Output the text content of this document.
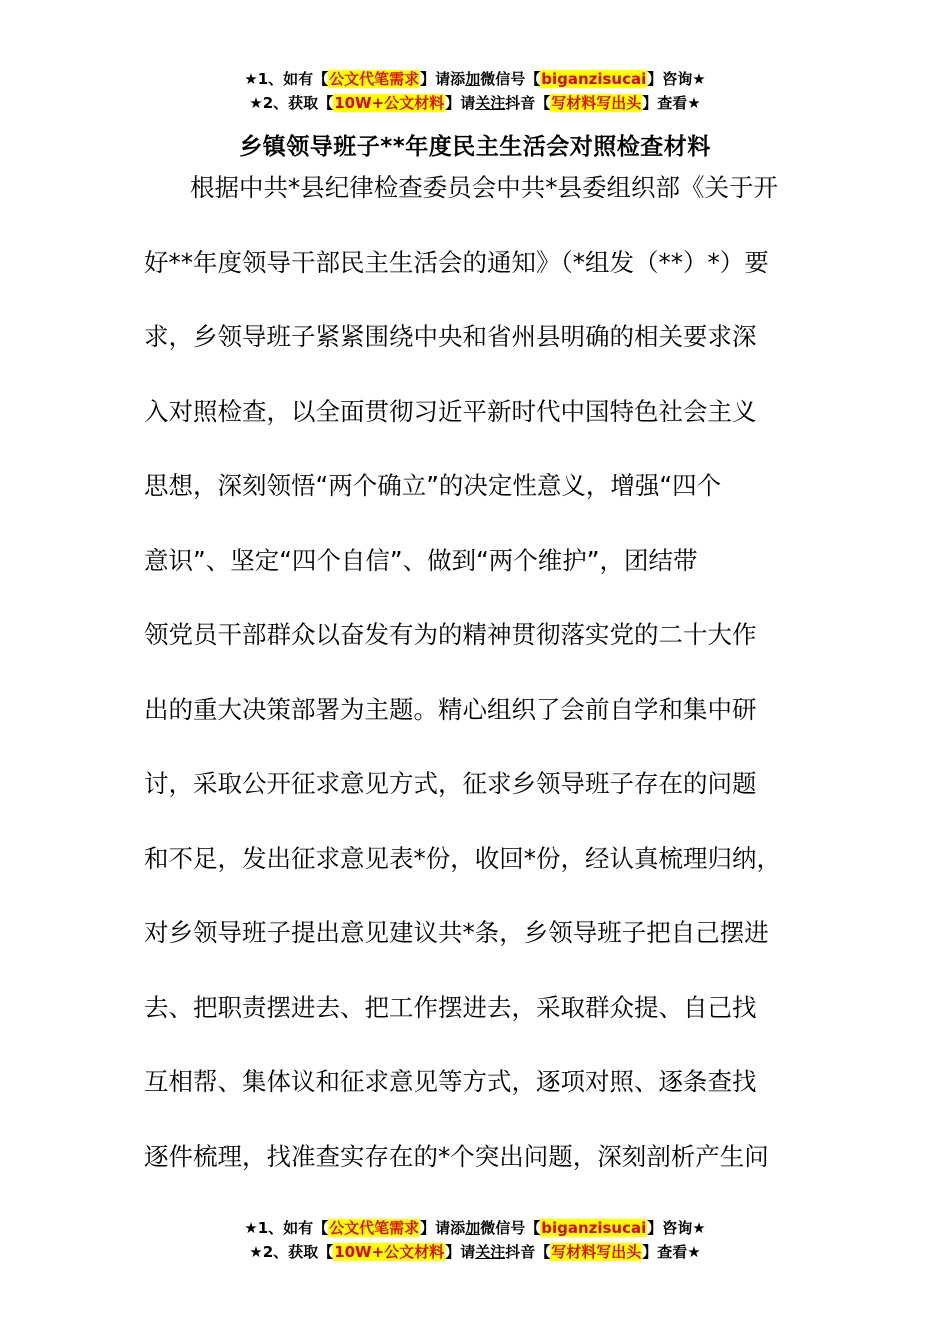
★1、如有【公文代笔需求】请添加微信号【biganzisucai】咨询★
★2、获取【10W+公文材料】请关注抖音【写材料写出头】查看★
乡镇领导班子**年度民主生活会对照检查材料
根据中共*县纪律检查委员会中共*县委组织部《关于开
好**年度领导干部民主生活会的通知》（*组发（**）*）要
求，乡领导班子紧紧围绕中央和省州县明确的相关要求深
入对照检查，以全面贯彻习近平新时代中国特色社会主义
思想，深刻领悟“两个确立”的决定性意义，增强“四个
意识”、坚定“四个自信”、做到“两个维护”，团结带
领党员干部群众以奋发有为的精神贯彻落实党的二十大作
出的重大决策部署为主题。精心组织了会前自学和集中研
讨，采取公开征求意见方式，征求乡领导班子存在的问题
和不足，发出征求意见表*份，收回*份，经认真梳理归纳，
对乡领导班子提出意见建议共*条，乡领导班子把自己摆进
去、把职责摆进去、把工作摆进去，采取群众提、自己找
互相帮、集体议和征求意见等方式，逐项对照、逐条查找
逐件梳理，找准查实存在的*个突出问题，深刻剖析产生问
★1、如有【公文代笔需求】请添加微信号【biganzisucai】咨询★
★2、获取【10W+公文材料】请关注抖音【写材料写出头】查看★
